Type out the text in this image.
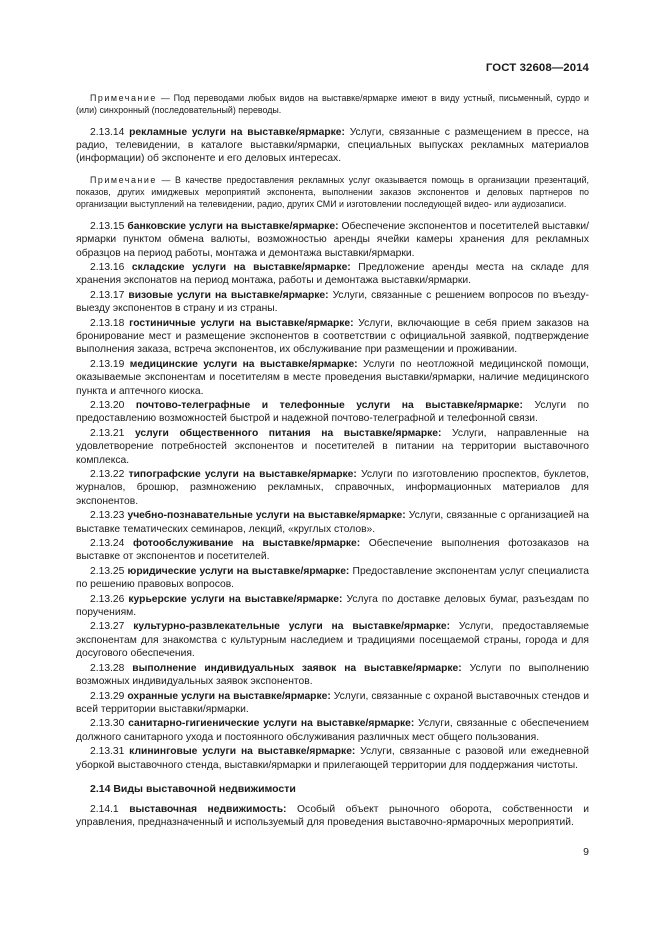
ГОСТ 32608—2014

Примечание — Под переводами любых видов на выставке/ярмарке имеют в виду устный, письменный, сурдо и (или) синхронный (последовательный) переводы.

2.13.14 рекламные услуги на выставке/ярмарке: Услуги, связанные с размещением в прессе, на радио, телевидении, в каталоге выставки/ярмарки, специальных выпусках рекламных материалов (информации) об экспоненте и его деловых интересах.

Примечание — В качестве предоставления рекламных услуг оказывается помощь в организации презентаций, показов, других имиджевых мероприятий экспонента, выполнении заказов экспонентов и деловых партнеров по организации выступлений на телевидении, радио, других СМИ и изготовлении последующей видео- или аудиозаписи.

2.13.15 банковские услуги на выставке/ярмарке: Обеспечение экспонентов и посетителей выставки/ярмарки пунктом обмена валюты, возможностью аренды ячейки камеры хранения для рекламных образцов на период работы, монтажа и демонтажа выставки/ярмарки.

2.13.16 складские услуги на выставке/ярмарке: Предложение аренды места на складе для хранения экспонатов на период монтажа, работы и демонтажа выставки/ярмарки.

2.13.17 визовые услуги на выставке/ярмарке: Услуги, связанные с решением вопросов по въезду-выезду экспонентов в страну и из страны.

2.13.18 гостиничные услуги на выставке/ярмарке: Услуги, включающие в себя прием заказов на бронирование мест и размещение экспонентов в соответствии с официальной заявкой, подтверждение выполнения заказа, встреча экспонентов, их обслуживание при размещении и проживании.

2.13.19 медицинские услуги на выставке/ярмарке: Услуги по неотложной медицинской помощи, оказываемые экспонентам и посетителям в месте проведения выставки/ярмарки, наличие медицинского пункта и аптечного киоска.

2.13.20 почтово-телеграфные и телефонные услуги на выставке/ярмарке: Услуги по предоставлению возможностей быстрой и надежной почтово-телеграфной и телефонной связи.

2.13.21 услуги общественного питания на выставке/ярмарке: Услуги, направленные на удовлетворение потребностей экспонентов и посетителей в питании на территории выставочного комплекса.

2.13.22 типографские услуги на выставке/ярмарке: Услуги по изготовлению проспектов, буклетов, журналов, брошюр, размножению рекламных, справочных, информационных материалов для экспонентов.

2.13.23 учебно-познавательные услуги на выставке/ярмарке: Услуги, связанные с организацией на выставке тематических семинаров, лекций, «круглых столов».

2.13.24 фотообслуживание на выставке/ярмарке: Обеспечение выполнения фотозаказов на выставке от экспонентов и посетителей.

2.13.25 юридические услуги на выставке/ярмарке: Предоставление экспонентам услуг специалиста по решению правовых вопросов.

2.13.26 курьерские услуги на выставке/ярмарке: Услуга по доставке деловых бумаг, разъездам по поручениям.

2.13.27 культурно-развлекательные услуги на выставке/ярмарке: Услуги, предоставляемые экспонентам для знакомства с культурным наследием и традициями посещаемой страны, города и для досугового обеспечения.

2.13.28 выполнение индивидуальных заявок на выставке/ярмарке: Услуги по выполнению возможных индивидуальных заявок экспонентов.

2.13.29 охранные услуги на выставке/ярмарке: Услуги, связанные с охраной выставочных стендов и всей территории выставки/ярмарки.

2.13.30 санитарно-гигиенические услуги на выставке/ярмарке: Услуги, связанные с обеспечением должного санитарного ухода и постоянного обслуживания различных мест общего пользования.

2.13.31 клининговые услуги на выставке/ярмарке: Услуги, связанные с разовой или ежедневной уборкой выставочного стенда, выставки/ярмарки и прилегающей территории для поддержания чистоты.

2.14 Виды выставочной недвижимости

2.14.1 выставочная недвижимость: Особый объект рыночного оборота, собственности и управления, предназначенный и используемый для проведения выставочно-ярмарочных мероприятий.

9
